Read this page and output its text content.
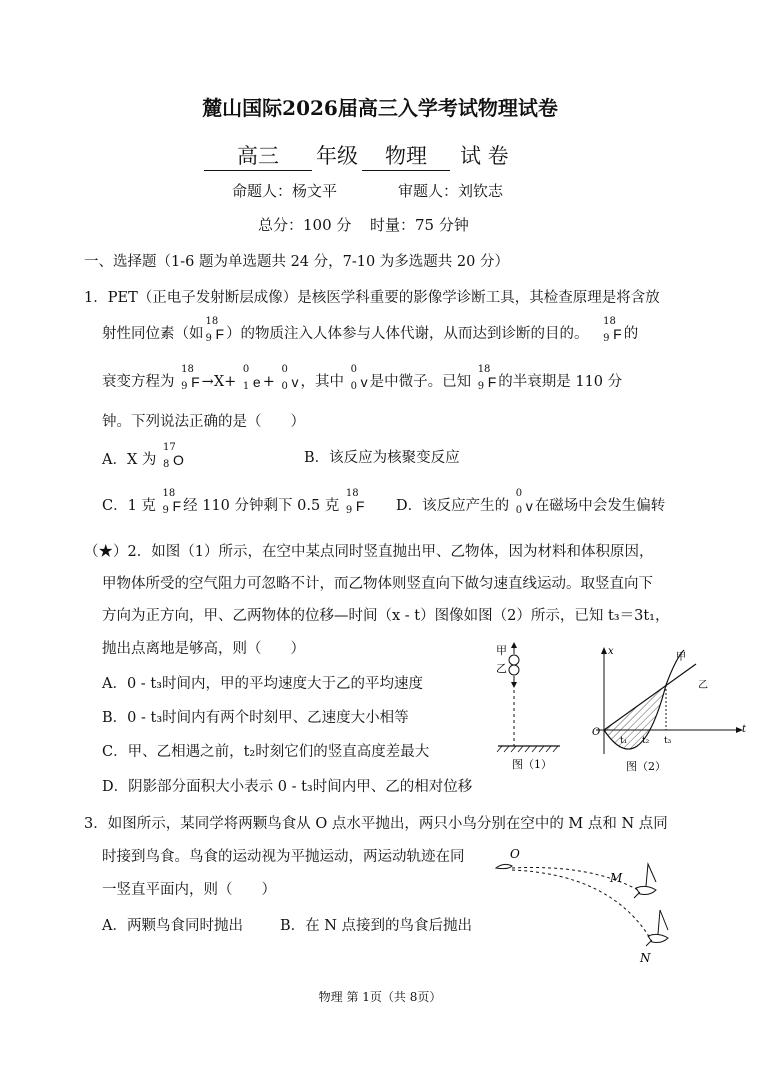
麓山国际2026届高三入学考试物理试卷
高三 年级 物理 试 卷
命题人：杨文平	审题人：刘钦志
总分：100 分 时量：75 分钟
一、选择题（1-6 题为单选题共 24 分，7-10 为多选题共 20 分）
1．PET（正电子发射断层成像）是核医学科重要的影像学诊断工具，其检查原理是将含放
射性同位素（如
18
9 F ）的物质注入人体参与人体代谢，从而达到诊断的目的。
18
9 F 的
衰变方程为
18
9 F →X+
0
1 e +
0
0 v ，其中
0
0 v 是中微子。已知
18
9 F 的半衰期是 110 分
钟。下列说法正确的是（　　）
A．X 为
17
8 O	B．该反应为核聚变反应
C．1 克
18
9 F 经 110 分钟剩下 0.5 克
18
9 F D．该反应产生的
0
0 v 在磁场中会发生偏转
（★）2．如图（1）所示，在空中某点同时竖直抛出甲、乙物体，因为材料和体积原因，
甲物体所受的空气阻力可忽略不计，而乙物体则竖直向下做匀速直线运动。取竖直向下
方向为正方向，甲、乙两物体的位移—时间（x - t）图像如图（2）所示，已知 t₃＝3t₁，
抛出点离地是够高，则（　　）
A．0 - t₃时间内，甲的平均速度大于乙的平均速度
B．0 - t₃时间内有两个时刻甲、乙速度大小相等
C．甲、乙相遇之前，t₂时刻它们的竖直高度差最大
D．阴影部分面积大小表示 0 - t₃时间内甲、乙的相对位移
甲
乙
图（1）
x
t
O
甲
乙
t₁ t₂ t₃
图（2）
3．如图所示，某同学将两颗鸟食从 O 点水平抛出，两只小鸟分别在空中的 M 点和 N 点同
时接到鸟食。鸟食的运动视为平抛运动，两运动轨迹在同
一竖直平面内，则（　　）
A．两颗鸟食同时抛出	B．在 N 点接到的鸟食后抛出
O
M
N
物理 第 1页（共 8页）
